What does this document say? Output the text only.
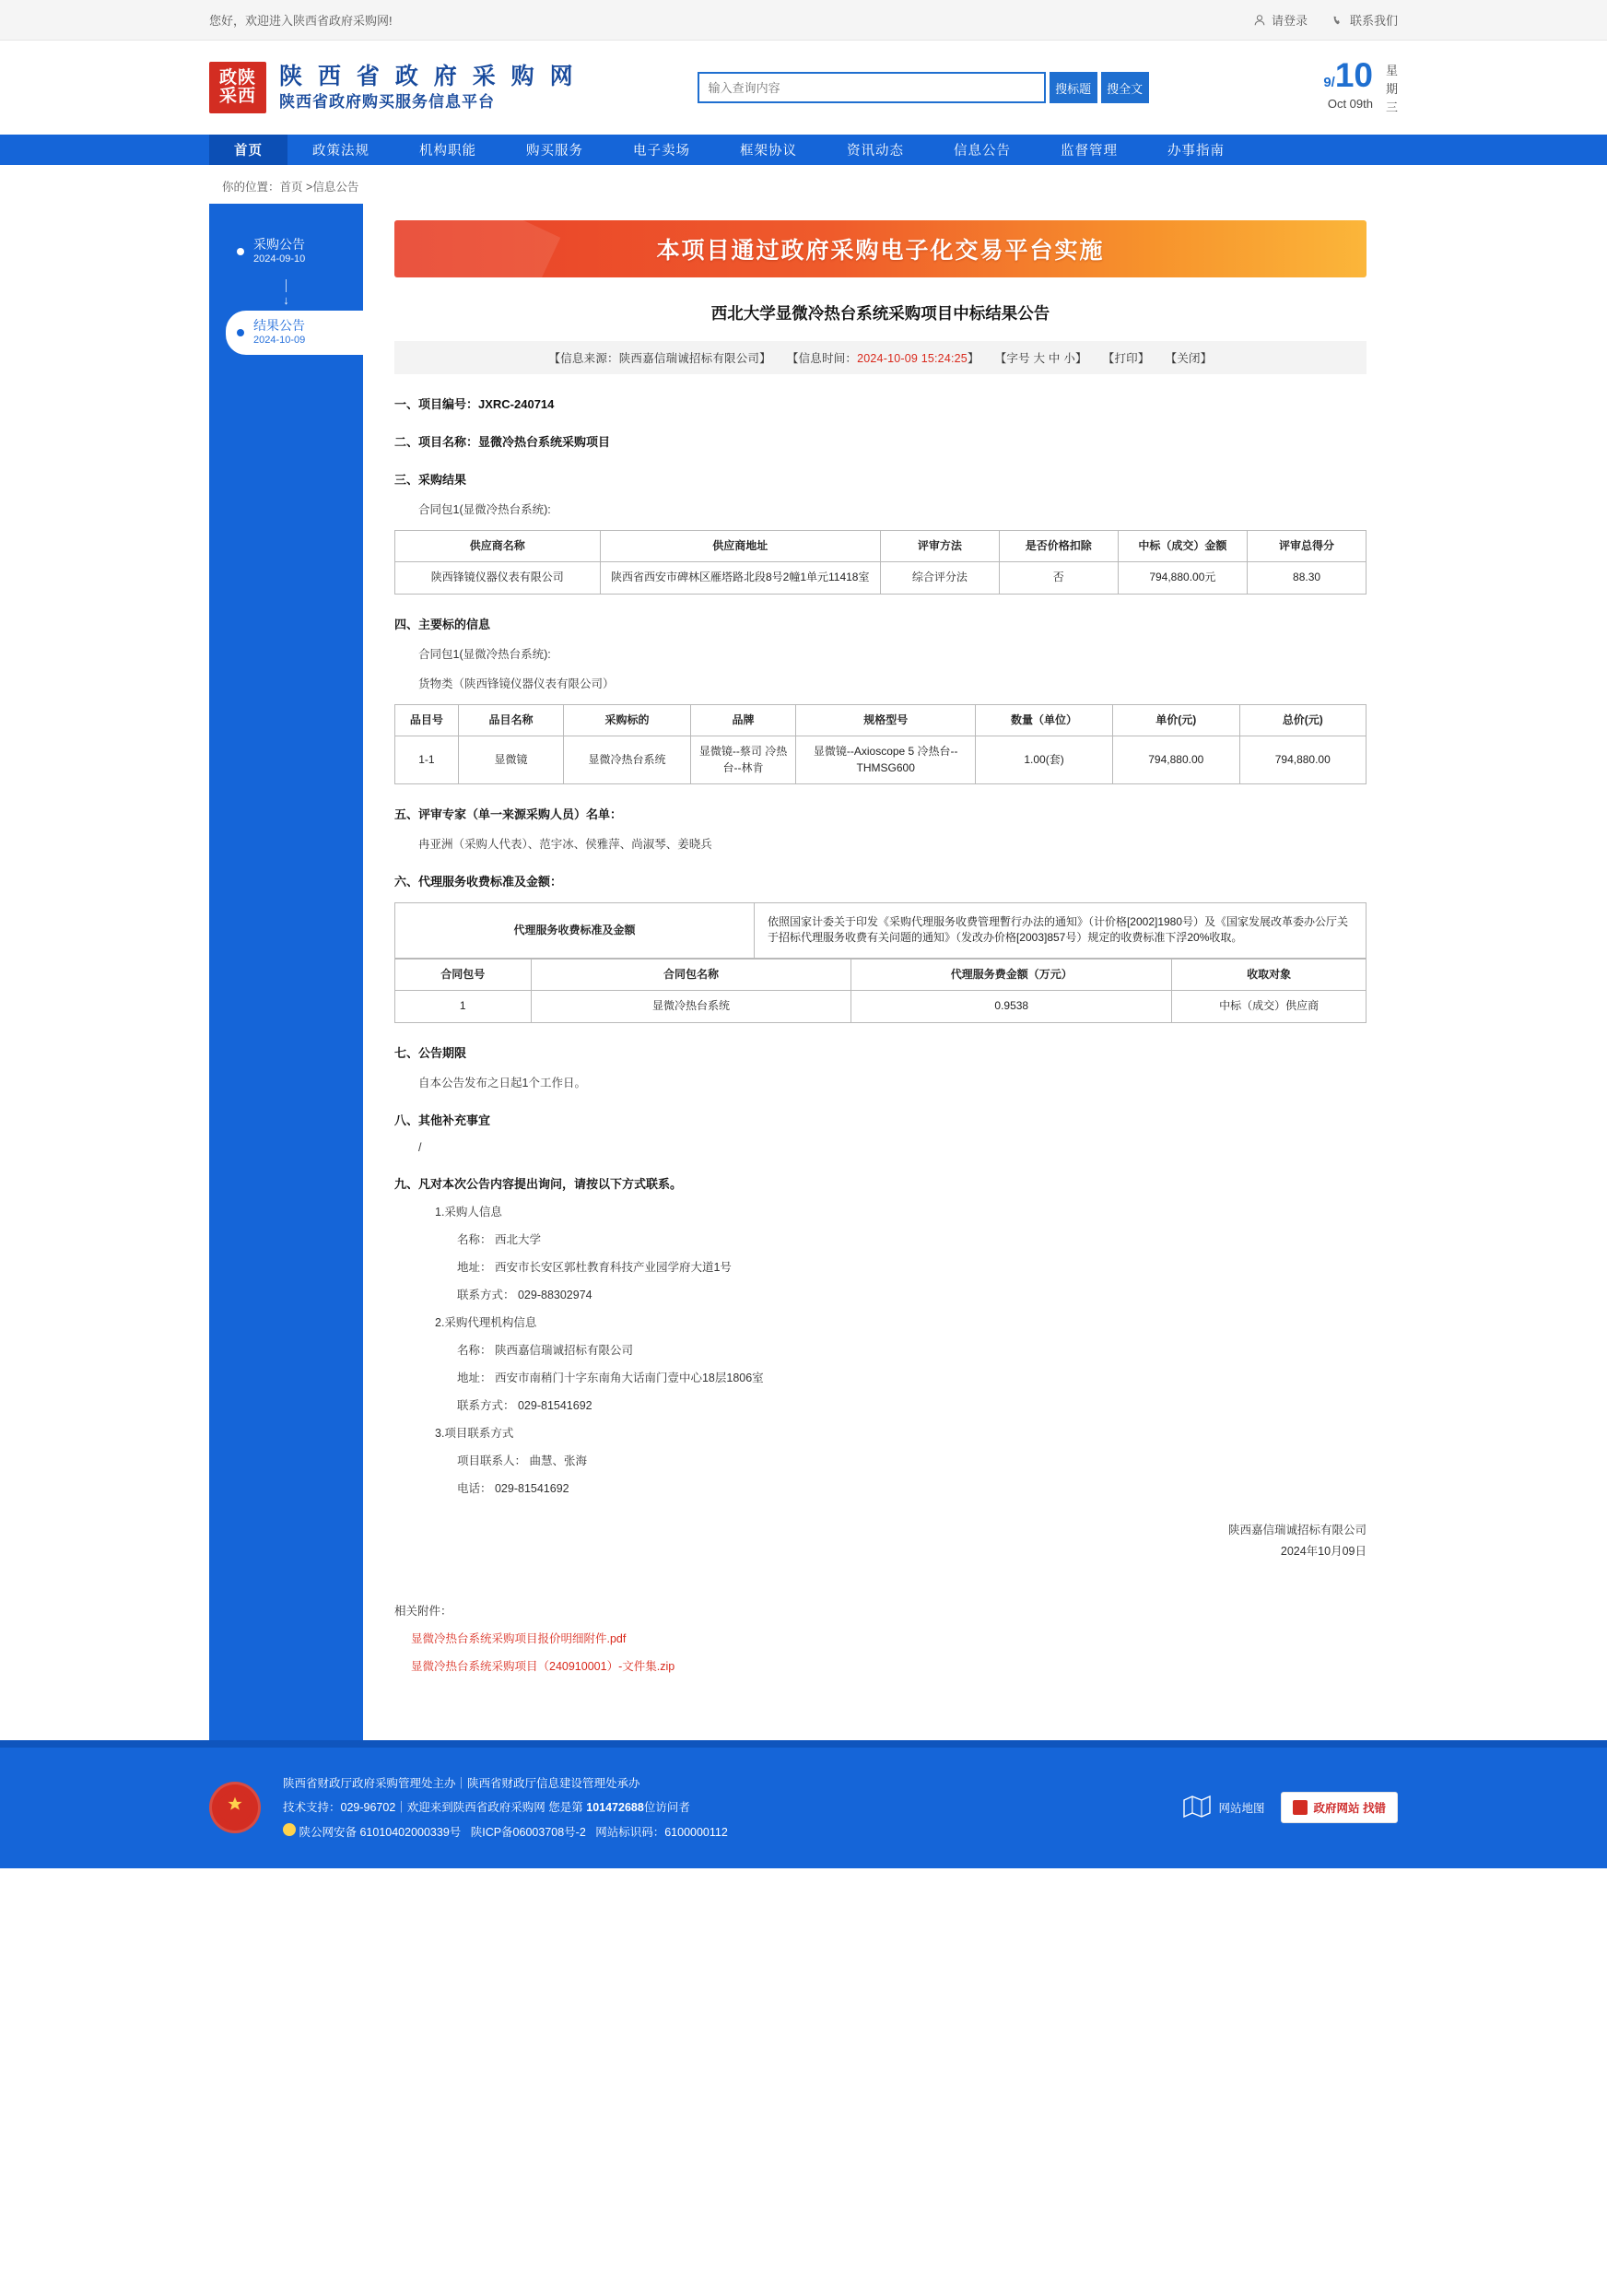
您好，欢迎进入陕西省政府采购网!	请登录	联系我们
政陕
采西
陕 西 省 政 府 采 购 网
陕西省政府购买服务信息平台
输入查询内容
搜标题	搜全文	9/10
Oct 09th
星
期
三
首页	政策法规	机构职能	购买服务	电子卖场	框架协议	资讯动态	信息公告	监督管理	办事指南
你的位置：首页 >信息公告
采购公告
2024-09-10
↓
结果公告
2024-10-09
本项目通过政府采购电子化交易平台实施
西北大学显微冷热台系统采购项目中标结果公告
【信息来源：陕西嘉信瑞诚招标有限公司】 【信息时间：2024-10-09 15:24:25】 【字号 大 中 小】 【打印】 【关闭】
一、项目编号：JXRC-240714
二、项目名称：显微冷热台系统采购项目
三、采购结果
合同包1(显微冷热台系统):
供应商名称	供应商地址	评审方法	是否价格扣除	中标（成交）金额	评审总得分
陕西锋镜仪器仪表有限公司	陕西省西安市碑林区雁塔路北段8号2幢1单元11418室	综合评分法	否	794,880.00元	88.30
四、主要标的信息
合同包1(显微冷热台系统):
货物类（陕西锋镜仪器仪表有限公司）
品目号	品目名称	采购标的	品牌	规格型号	数量（单位）	单价(元)	总价(元)
1-1	显微镜	显微冷热台系统	显微镜--蔡司 冷热台--林肯	显微镜--Axioscope 5 冷热台--THMSG600	1.00(套)	794,880.00	794,880.00
五、评审专家（单一来源采购人员）名单：
冉亚洲（采购人代表）、范宇冰、侯雅萍、尚淑琴、姜晓兵
六、代理服务收费标准及金额：
代理服务收费标准及金额	依照国家计委关于印发《采购代理服务收费管理暫行办法的通知》（计价格[2002]1980号）及《国家发展改革委办公厅关于招标代理服务收费有关问题的通知》（发改办价格[2003]857号）规定的收费标准下浮20%收取。
合同包号	合同包名称	代理服务费金额（万元）	收取对象
1	显微冷热台系统	0.9538	中标（成交）供应商
七、公告期限
自本公告发布之日起1个工作日。
八、其他补充事宜
/
九、凡对本次公告内容提出询问，请按以下方式联系。
1.采购人信息
名称： 西北大学
地址： 西安市长安区郭杜教育科技产业园学府大道1号
联系方式： 029-88302974
2.采购代理机构信息
名称： 陕西嘉信瑞诚招标有限公司
地址： 西安市南稍门十字东南角大话南门壹中心18层1806室
联系方式： 029-81541692
3.项目联系方式
项目联系人： 曲慧、张海
电话： 029-81541692
陕西嘉信瑞诚招标有限公司
2024年10月09日
相关附件：
显微冷热台系统采购项目报价明细附件.pdf
显微冷热台系统采购项目（240910001）-文件集.zip
陕西省财政厅政府采购管理处主办｜陕西省财政厅信息建设管理处承办
技术支持：029-96702｜欢迎来到陕西省政府采购网 您是第 101472688位访问者
陕公网安备 61010402000339号 陕ICP备06003708号-2 网站标识码：6100000112
网站地图	政府网站 找错
